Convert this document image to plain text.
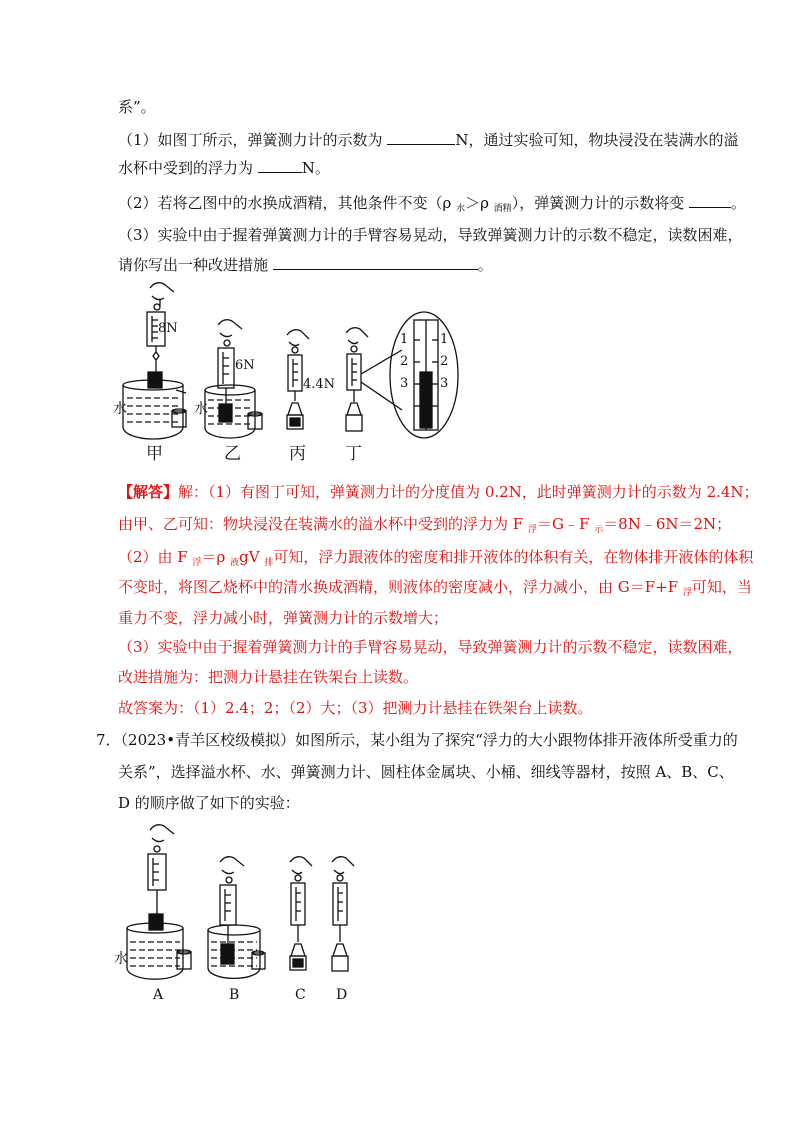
系”。
（1）如图丁所示，弹簧测力计的示数为	N，通过实验可知，物块浸没在装满水的溢
水杯中受到的浮力为	N。
（2）若将乙图中的水换成酒精，其他条件不变（ρ $_水$＞ρ $_{酒精}$），弹簧测力计的示数将变	。
（3）实验中由于握着弹簧测力计的手臂容易晃动，导致弹簧测力计的示数不稳定，读数困难，
请你写出一种改进措施	。
8N
6N
4.4N
水	水
1
2
3
1
2
3
甲	乙	丙 丁
【解答】解：（1）有图丁可知，弹簧测力计的分度值为 0.2N，此时弹簧测力计的示数为 2.4N；
由甲、乙可知：物块浸没在装满水的溢水杯中受到的浮力为 F $_浮$＝G﹣F $_示$＝8N﹣6N＝2N；
（2）由 F $_浮$＝ρ $_液$gV $_排$可知，浮力跟液体的密度和排开液体的体积有关，在物体排开液体的体积
不变时，将图乙烧杯中的清水换成酒精，则液体的密度减小，浮力减小，由 G＝F+F $_浮$可知，当
重力不变，浮力减小时，弹簧测力计的示数增大；
（3）实验中由于握着弹簧测力计的手臂容易晃动，导致弹簧测力计的示数不稳定，读数困难，
改进措施为：把测力计悬挂在铁架台上读数。
故答案为：（1）2.4；2；（2）大；（3）把测力计悬挂在铁架台上读数。
7．（2023•青羊区校级模拟）如图所示，某小组为了探究“浮力的大小跟物体排开液体所受重力的
关系”，选择溢水杯、水、弹簧测力计、圆柱体金属块、小桶、细线等器材，按照 A、B、C、
D 的顺序做了如下的实验：
水
A	B	C D
